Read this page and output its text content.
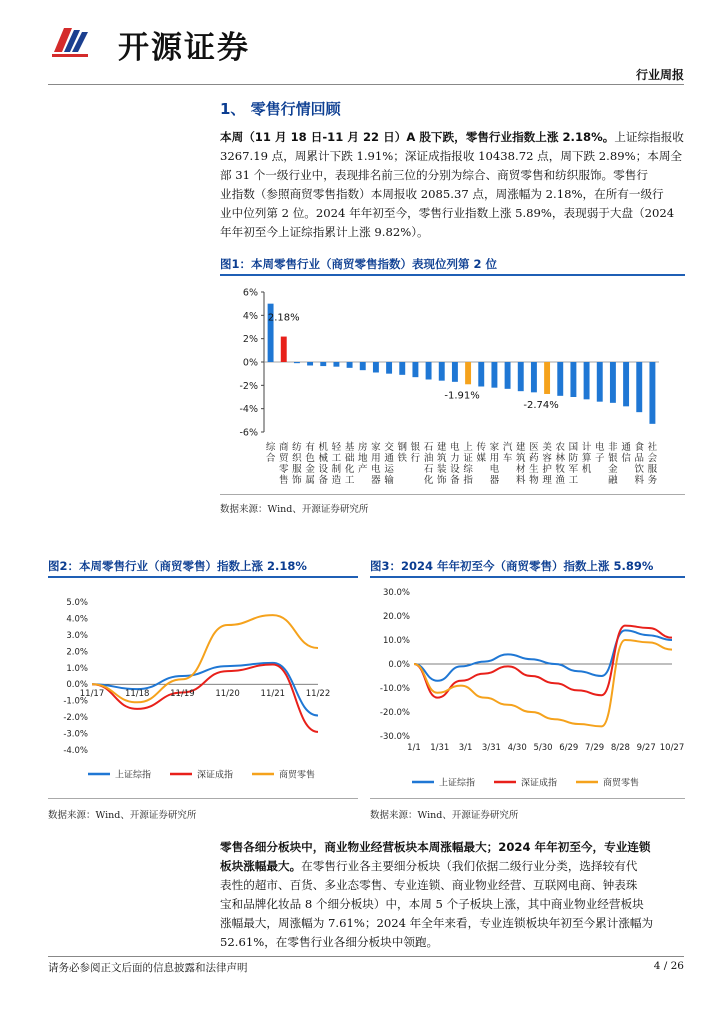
开源证券
行业周报
1、 零售行情回顾
本周（11 月 18 日-11 月 22 日）A 股下跌，零售行业指数上涨 2.18%。上证综指报收
3267.19 点，周累计下跌 1.91%；深证成指报收 10438.72 点，周下跌 2.89%；本周全
部 31 个一级行业中，表现排名前三位的分别为综合、商贸零售和纺织服饰。零售行
业指数（参照商贸零售指数）本周报收 2085.37 点，周涨幅为 2.18%，在所有一级行
业中位列第 2 位。2024 年年初至今，零售行业指数上涨 5.89%，表现弱于大盘（2024
年年初至今上证综指累计上涨 9.82%）。
图1：本周零售行业（商贸零售指数）表现位列第 2 位
6%
4%
2%
0%
-2%
-4%
-6%
综合
商贸零售
纺织服饰
有色金属
机械设备
轻工制造
基础化工
房地产
家用电器
交通运输
钢铁
银行
石油石化
建筑装饰
电力设备
上证综指
传媒
家用电器
汽车
建筑材料
医药生物
美容护理
农林牧渔
国防军工
计算机
电子
非银金融
通信
食品饮料
社会服务
2.18%
-1.91%
-2.74%
数据来源：Wind、开源证券研究所
图2：本周零售行业（商贸零售）指数上涨 2.18%
5.0%
4.0%
3.0%
2.0%
1.0%
0.0%
-1.0%
-2.0%
-3.0%
-4.0%
11/17 11/18 11/19 11/20 11/21 11/22
上证综指	深证成指	商贸零售
数据来源：Wind、开源证券研究所
图3：2024 年年初至今（商贸零售）指数上涨 5.89%
30.0%
20.0%
10.0%
0.0%
-10.0%
-20.0%
-30.0%
1/1 1/31 3/1 3/31 4/30 5/30 6/29 7/29 8/28 9/27 10/27
上证综指	深证成指	商贸零售
数据来源：Wind、开源证券研究所
零售各细分板块中，商业物业经营板块本周涨幅最大；2024 年年初至今，专业连锁
板块涨幅最大。在零售行业各主要细分板块（我们依据二级行业分类，选择较有代
表性的超市、百货、多业态零售、专业连锁、商业物业经营、互联网电商、钟表珠
宝和品牌化妆品 8 个细分板块）中，本周 5 个子板块上涨，其中商业物业经营板块
涨幅最大，周涨幅为 7.61%；2024 年全年来看，专业连锁板块年初至今累计涨幅为
52.61%，在零售行业各细分板块中领跑。
请务必参阅正文后面的信息披露和法律声明	4 / 26
